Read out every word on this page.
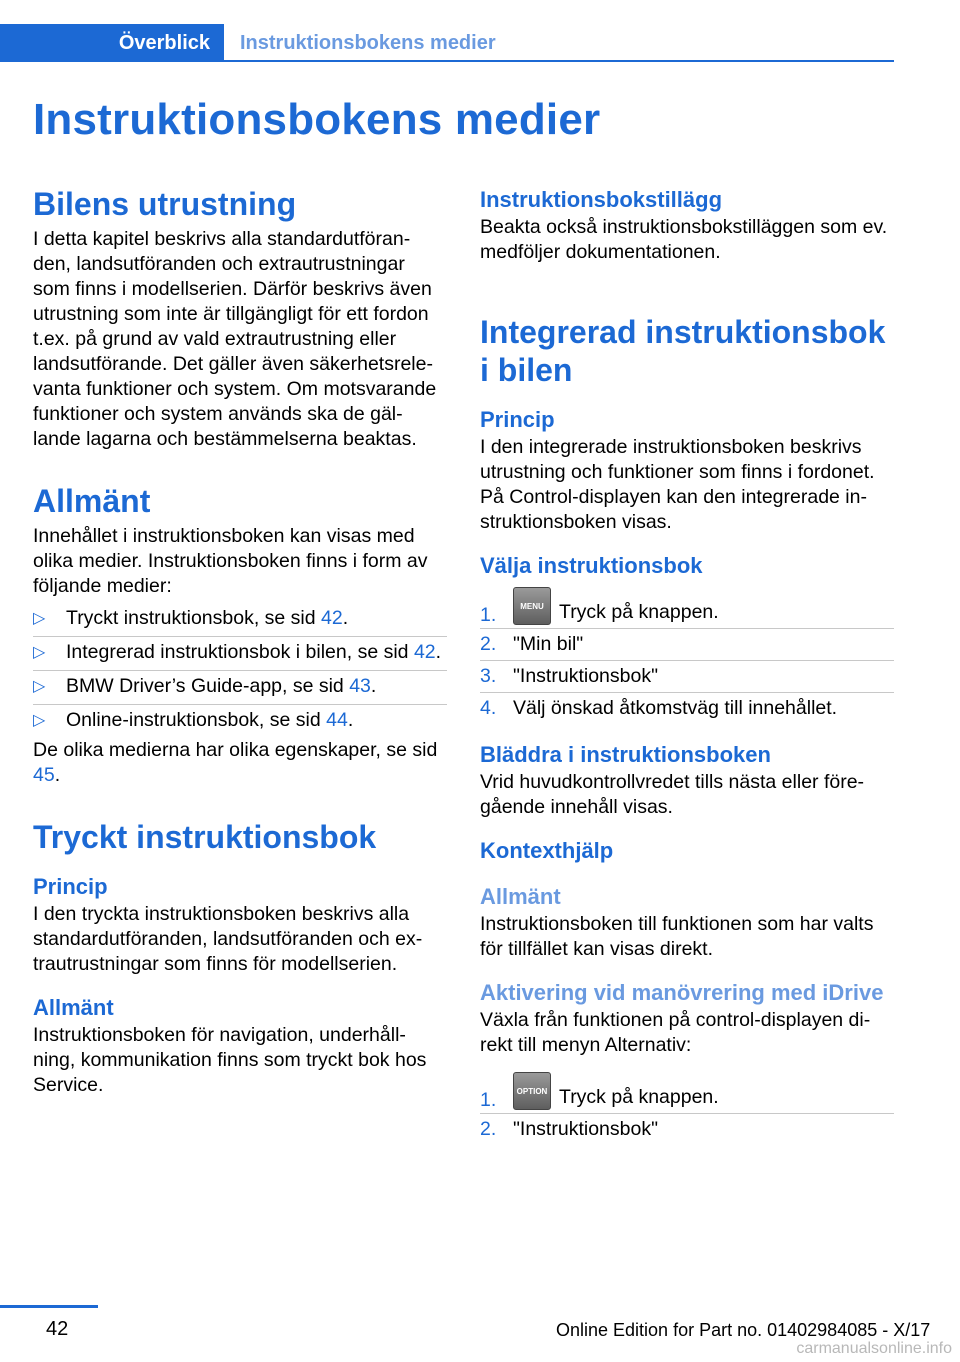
Överblick	Instruktionsbokens medier
Instruktionsbokens medier
Bilens utrustning

I detta kapitel beskrivs alla standardutföran-den, landsutföranden och extrautrustningar som finns i modellserien. Därför beskrivs även utrustning som inte är tillgängligt för ett fordon t.ex. på grund av vald extrautrustning eller landsutförande. Det gäller även säkerhetsrele-vanta funktioner och system. Om motsvarande funktioner och system används ska de gäl-lande lagarna och bestämmelserna beaktas.

Allmänt

Innehållet i instruktionsboken kan visas med olika medier. Instruktionsboken finns i form av följande medier:

▷ Tryckt instruktionsbok, se sid 42.
▷ Integrerad instruktionsbok i bilen, se sid 42.
▷ BMW Driver’s Guide-app, se sid 43.
▷ Online-instruktionsbok, se sid 44.

De olika medierna har olika egenskaper, se sid 45.

Tryckt instruktionsbok
Princip

I den tryckta instruktionsboken beskrivs alla standardutföranden, landsutföranden och ex-trautrustningar som finns för modellserien.

Allmänt

Instruktionsboken för navigation, underhåll-ning, kommunikation finns som tryckt bok hos Service.

Instruktionsbokstillägg

Beakta också instruktionsbokstilläggen som ev. medföljer dokumentationen.

Integrerad instruktionsbok i bilen
Princip

I den integrerade instruktionsboken beskrivs utrustning och funktioner som finns i fordonet. På Control-displayen kan den integrerade in-struktionsboken visas.

Välja instruktionsbok
1.	MENU Tryck på knappen.
2. "Min bil"
3. "Instruktionsbok"
4. Välj önskad åtkomstväg till innehållet.
Bläddra i instruktionsboken

Vrid huvudkontrollvredet tills nästa eller före-gående innehåll visas.

Kontexthjälp
Allmänt

Instruktionsboken till funktionen som har valts för tillfället kan visas direkt.

Aktivering vid manövrering med iDrive

Växla från funktionen på control-displayen di-rekt till menyn Alternativ:

1.	OPTION Tryck på knappen.
2. "Instruktionsbok"
42	Online Edition for Part no. 01402984085 - X/17
carmanualsonline.info
